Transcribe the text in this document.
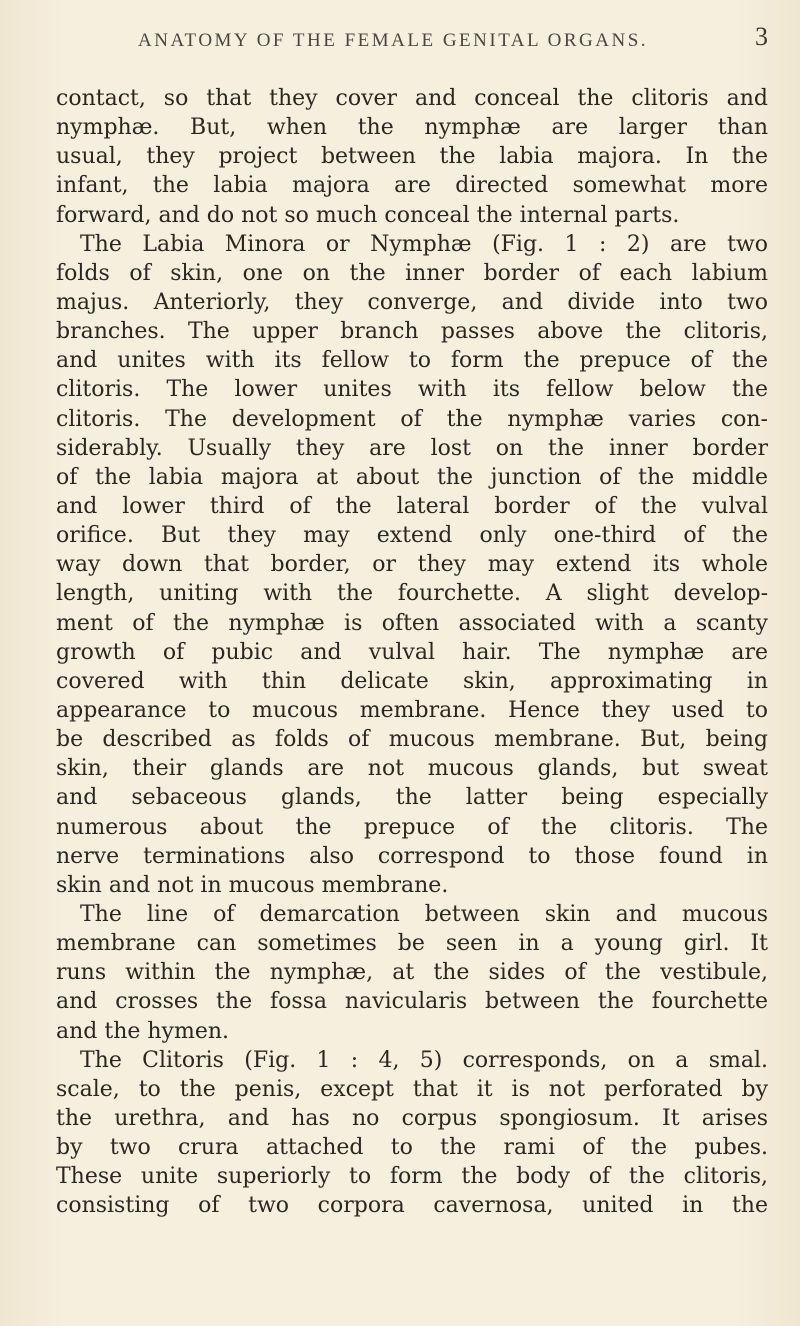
ANATOMY OF THE FEMALE GENITAL ORGANS.	3
contact, so that they cover and conceal the clitoris and
nymphæ. But, when the nymphæ are larger than
usual, they project between the labia majora. In the
infant, the labia majora are directed somewhat more
forward, and do not so much conceal the internal parts.
The Labia Minora or Nymphæ (Fig. 1 : 2) are two
folds of skin, one on the inner border of each labium
majus. Anteriorly, they converge, and divide into two
branches. The upper branch passes above the clitoris,
and unites with its fellow to form the prepuce of the
clitoris. The lower unites with its fellow below the
clitoris. The development of the nymphæ varies con-
siderably. Usually they are lost on the inner border
of the labia majora at about the junction of the middle
and lower third of the lateral border of the vulval
orifice. But they may extend only one-third of the
way down that border, or they may extend its whole
length, uniting with the fourchette. A slight develop-
ment of the nymphæ is often associated with a scanty
growth of pubic and vulval hair. The nymphæ are
covered with thin delicate skin, approximating in
appearance to mucous membrane. Hence they used to
be described as folds of mucous membrane. But, being
skin, their glands are not mucous glands, but sweat
and sebaceous glands, the latter being especially
numerous about the prepuce of the clitoris. The
nerve terminations also correspond to those found in
skin and not in mucous membrane.
The line of demarcation between skin and mucous
membrane can sometimes be seen in a young girl. It
runs within the nymphæ, at the sides of the vestibule,
and crosses the fossa navicularis between the fourchette
and the hymen.
The Clitoris (Fig. 1 : 4, 5) corresponds, on a smal.
scale, to the penis, except that it is not perforated by
the urethra, and has no corpus spongiosum. It arises
by two crura attached to the rami of the pubes.
These unite superiorly to form the body of the clitoris,
consisting of two corpora cavernosa, united in the
